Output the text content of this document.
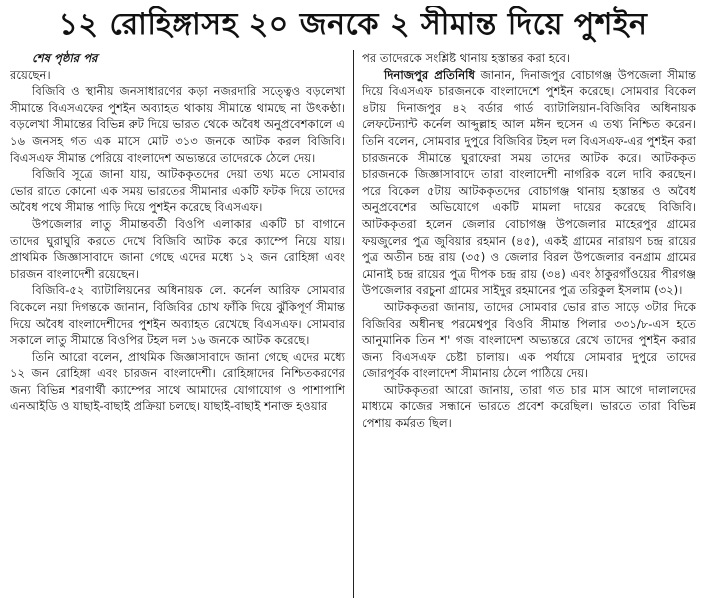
১২ রোহিঙ্গাসহ ২০ জনকে ২ সীমান্ত দিয়ে পুশইন

শেষ পৃষ্ঠার পর

রয়েছেন।

বিজিবি ও স্থানীয় জনসাধারণের কড়া নজরদারি সত্ত্বেও বড়লেখা সীমান্তে বিএসএফের পুশইন অব্যাহত থাকায় সীমান্তে থামছে না উৎকণ্ঠা। বড়লেখা সীমান্তের বিভিন্ন রুট দিয়ে ভারত থেকে অবৈধ অনুপ্রবেশকালে এ ১৬ জনসহ গত এক মাসে মোট ৩১৩ জনকে আটক করল বিজিবি। বিএসএফ সীমান্ত পেরিয়ে বাংলাদেশ অভ্যন্তরে তাদেরকে ঠেলে দেয়।

বিজিবি সূত্রে জানা যায়, আটককৃতদের দেয়া তথ্য মতে সোমবার ভোর রাতে কোনো এক সময় ভারতের সীমানার একটি ফটক দিয়ে তাদের অবৈধ পথে সীমান্ত পাড়ি দিয়ে পুশইন করেছে বিএসএফ।

উপজেলার লাতু সীমান্তবর্তী বিওপি এলাকার একটি চা বাগানে তাদের ঘুরাঘুরি করতে দেখে বিজিবি আটক করে ক্যাম্পে নিয়ে যায়। প্রাথমিক জিজ্ঞাসাবাদে জানা গেছে এদের মধ্যে ১২ জন রোহিঙ্গা এবং চারজন বাংলাদেশী রয়েছেন।

বিজিবি-৫২ ব্যাটালিয়নের অধিনায়ক লে. কর্নেল আরিফ সোমবার বিকেলে নয়া দিগন্তকে জানান, বিজিবির চোখ ফাঁকি দিয়ে ঝুঁকিপূর্ণ সীমান্ত দিয়ে অবৈধ বাংলাদেশীদের পুশইন অব্যাহত রেখেছে বিএসএফ। সোমবার সকালে লাতু সীমান্তে বিওপির টহল দল ১৬ জনকে আটক করেছে।

তিনি আরো বলেন, প্রাথমিক জিজ্ঞাসাবাদে জানা গেছে এদের মধ্যে ১২ জন রোহিঙ্গা এবং চারজন বাংলাদেশী। রোহিঙ্গাদের নিশ্চিতকরণের জন্য বিভিন্ন শরণার্থী ক্যাম্পের সাথে আমাদের যোগাযোগ ও পাশাপাশি এনআইডি ও যাছাই-বাছাই প্রক্রিয়া চলছে। যাছাই-বাছাই শনাক্ত হওয়ার

পর তাদেরকে সংশ্লিষ্ট থানায় হস্তান্তর করা হবে।

দিনাজপুর প্রতিনিধি জানান, দিনাজপুর বোচাগঞ্জ উপজেলা সীমান্ত দিয়ে বিএসএফ চারজনকে বাংলাদেশে পুশইন করেছে। সোমবার বিকেল ৪টায় দিনাজপুর ৪২ বর্ডার গার্ড ব্যাটালিয়ান-বিজিবির অধিনায়ক লেফটেন্যান্ট কর্নেল আব্দুল্লাহ আল মঈন হুসেন এ তথ্য নিশ্চিত করেন। তিনি বলেন, সোমবার দুপুরে বিজিবির টহল দল বিএসএফ-এর পুশইন করা চারজনকে সীমান্তে ঘুরাফেরা সময় তাদের আটক করে। আটককৃত চারজনকে জিজ্ঞাসাবাদে তারা বাংলাদেশী নাগরিক বলে দাবি করছেন। পরে বিকেল ৫টায় আটককৃতদের বোচাগঞ্জ থানায় হস্তান্তর ও অবৈধ অনুপ্রবেশের অভিযোগে একটি মামলা দায়ের করেছে বিজিবি। আটককৃতরা হলেন জেলার বোচাগঞ্জ উপজেলার মাহেরপুর গ্রামের ফয়জুলের পুত্র জুবিয়ার রহমান (৪৫), একই গ্রামের নারায়ণ চন্দ্র রায়ের পুত্র অতীন চন্দ্র রায় (৩৫) ও জেলার বিরল উপজেলার বনগ্রাম গ্রামের মোনাই চন্দ্র রায়ের পুত্র দীপক চন্দ্র রায় (৩৪) এবং ঠাকুরগাঁওয়ের পীরগঞ্জ উপজেলার বরচুনা গ্রামের সাইদুর রহমানের পুত্র তরিকুল ইসলাম (৩২)।

আটককৃতরা জানায়, তাদের সোমবার ভোর রাত সাড়ে ৩টার দিকে বিজিবির অধীনস্থ পরমেশ্বপুর বিওবি সীমান্ত পিলার ৩৩১/৮-এস হতে আনুমানিক তিন শ' গজ বাংলাদেশ অভ্যন্তরে রেখে তাদের পুশইন করার জন্য বিএসএফ চেষ্টা চালায়। এক পর্যায়ে সোমবার দুপুরে তাদের জোরপূর্বক বাংলাদেশ সীমানায় ঠেলে পাঠিয়ে দেয়।

আটককৃতরা আরো জানায়, তারা গত চার মাস আগে দালালদের মাধ্যমে কাজের সন্ধানে ভারতে প্রবেশ করেছিল। ভারতে তারা বিভিন্ন পেশায় কর্মরত ছিল।
